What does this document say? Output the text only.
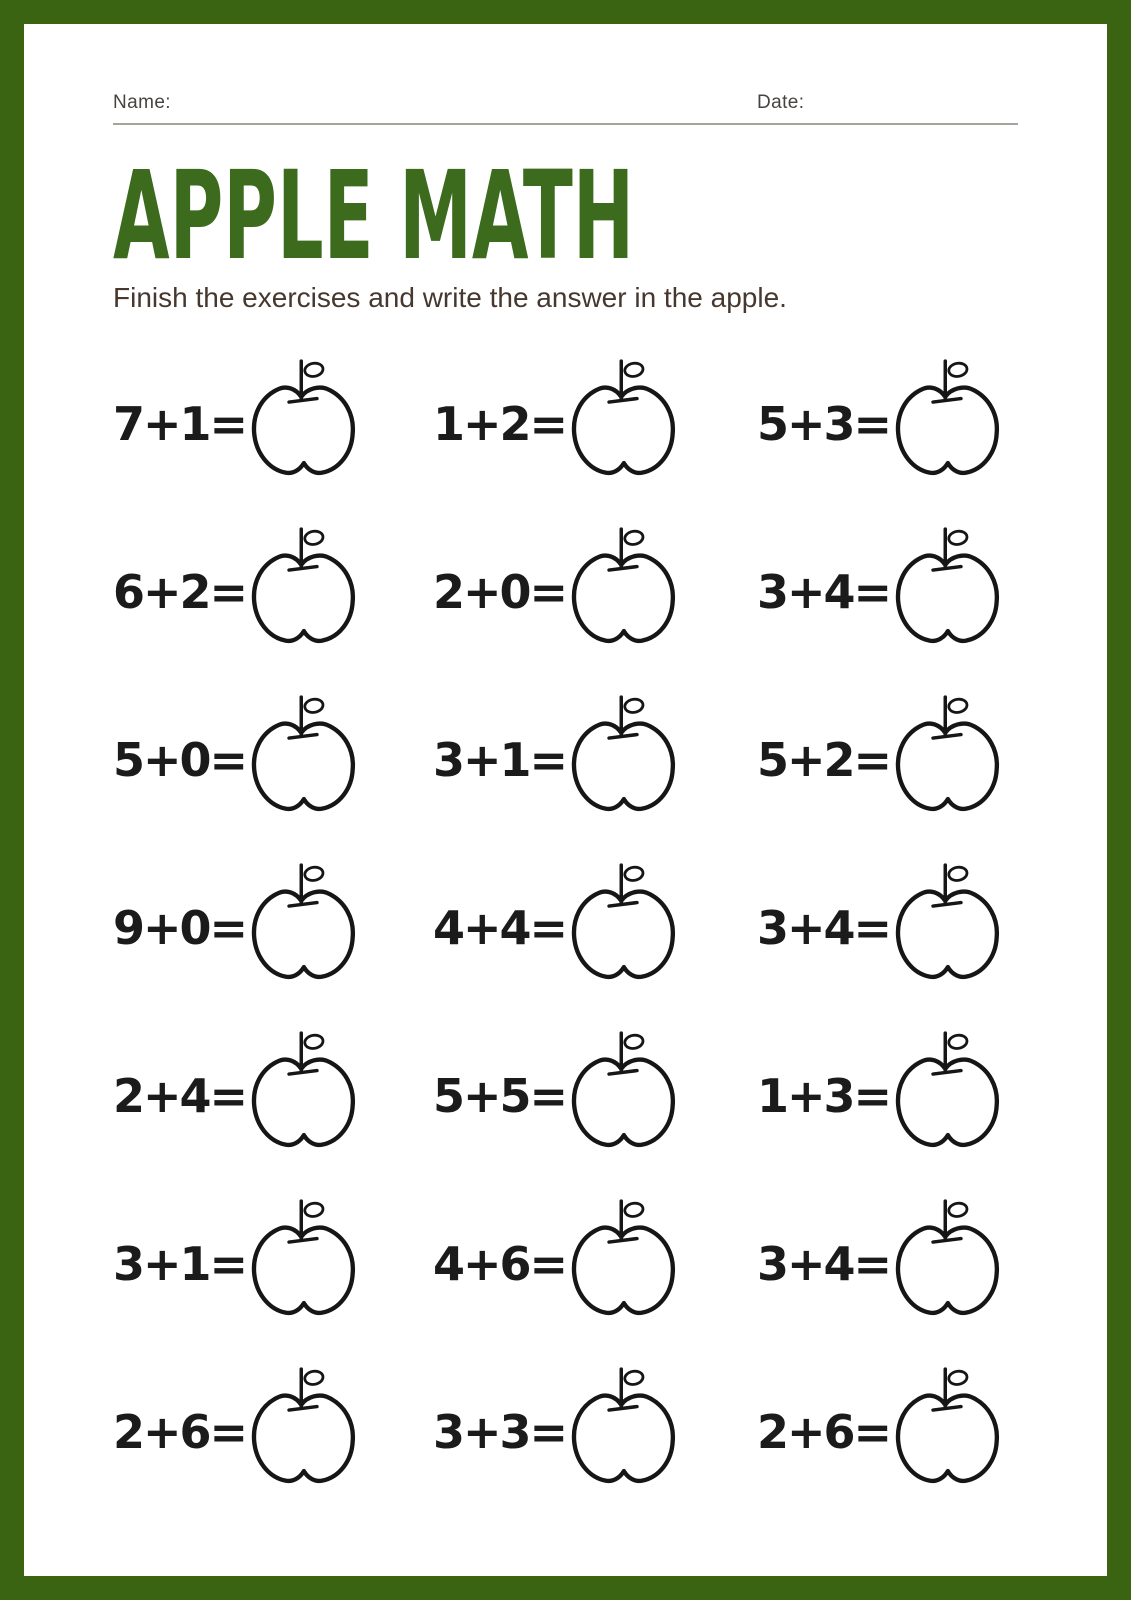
Name:	Date:
APPLE MATH
Finish the exercises and write the answer in the apple.
7+1=	1+2=	5+3=
6+2=	2+0=	3+4=
5+0=	3+1=	5+2=
9+0=	4+4=	3+4=
2+4=	5+5=	1+3=
3+1=	4+6=	3+4=
2+6=	3+3=	2+6=
